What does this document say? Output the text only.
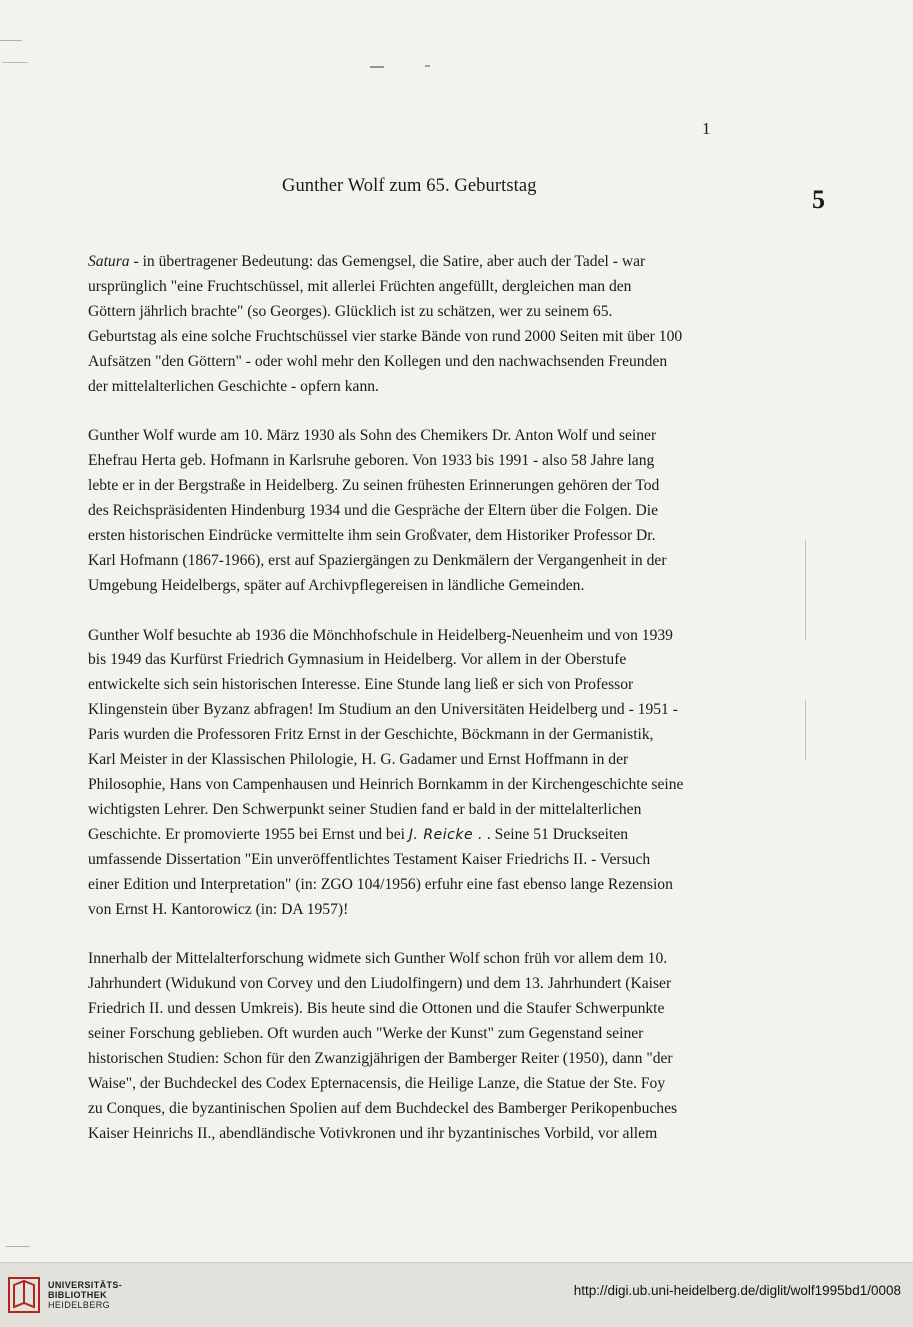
1
Gunther Wolf zum 65. Geburtstag	5

Satura - in übertragener Bedeutung: das Gemengsel, die Satire, aber auch der Tadel - war
ursprünglich "eine Fruchtschüssel, mit allerlei Früchten angefüllt, dergleichen man den
Göttern jährlich brachte" (so Georges). Glücklich ist zu schätzen, wer zu seinem 65.
Geburtstag als eine solche Fruchtschüssel vier starke Bände von rund 2000 Seiten mit über 100
Aufsätzen "den Göttern" - oder wohl mehr den Kollegen und den nachwachsenden Freunden
der mittelalterlichen Geschichte - opfern kann.

Gunther Wolf wurde am 10. März 1930 als Sohn des Chemikers Dr. Anton Wolf und seiner
Ehefrau Herta geb. Hofmann in Karlsruhe geboren. Von 1933 bis 1991 - also 58 Jahre lang
lebte er in der Bergstraße in Heidelberg. Zu seinen frühesten Erinnerungen gehören der Tod
des Reichspräsidenten Hindenburg 1934 und die Gespräche der Eltern über die Folgen. Die
ersten historischen Eindrücke vermittelte ihm sein Großvater, dem Historiker Professor Dr.
Karl Hofmann (1867-1966), erst auf Spaziergängen zu Denkmälern der Vergangenheit in der
Umgebung Heidelbergs, später auf Archivpflegereisen in ländliche Gemeinden.

Gunther Wolf besuchte ab 1936 die Mönchhofschule in Heidelberg-Neuenheim und von 1939
bis 1949 das Kurfürst Friedrich Gymnasium in Heidelberg. Vor allem in der Oberstufe
entwickelte sich sein historischen Interesse. Eine Stunde lang ließ er sich von Professor
Klingenstein über Byzanz abfragen! Im Studium an den Universitäten Heidelberg und - 1951 -
Paris wurden die Professoren Fritz Ernst in der Geschichte, Böckmann in der Germanistik,
Karl Meister in der Klassischen Philologie, H. G. Gadamer und Ernst Hoffmann in der
Philosophie, Hans von Campenhausen und Heinrich Bornkamm in der Kirchengeschichte seine
wichtigsten Lehrer. Den Schwerpunkt seiner Studien fand er bald in der mittelalterlichen
Geschichte. Er promovierte 1955 bei Ernst und bei J. Reicke . . Seine 51 Druckseiten
umfassende Dissertation "Ein unveröffentlichtes Testament Kaiser Friedrichs II. - Versuch
einer Edition und Interpretation" (in: ZGO 104/1956) erfuhr eine fast ebenso lange Rezension
von Ernst H. Kantorowicz (in: DA 1957)!

Innerhalb der Mittelalterforschung widmete sich Gunther Wolf schon früh vor allem dem 10.
Jahrhundert (Widukund von Corvey und den Liudolfingern) und dem 13. Jahrhundert (Kaiser
Friedrich II. und dessen Umkreis). Bis heute sind die Ottonen und die Staufer Schwerpunkte
seiner Forschung geblieben. Oft wurden auch "Werke der Kunst" zum Gegenstand seiner
historischen Studien: Schon für den Zwanzigjährigen der Bamberger Reiter (1950), dann "der
Waise", der Buchdeckel des Codex Epternacensis, die Heilige Lanze, die Statue der Ste. Foy
zu Conques, die byzantinischen Spolien auf dem Buchdeckel des Bamberger Perikopenbuches
Kaiser Heinrichs II., abendländische Votivkronen und ihr byzantinisches Vorbild, vor allem

UNIVERSITÄTS-
BIBLIOTHEK
HEIDELBERG
http://digi.ub.uni-heidelberg.de/diglit/wolf1995bd1/0008
